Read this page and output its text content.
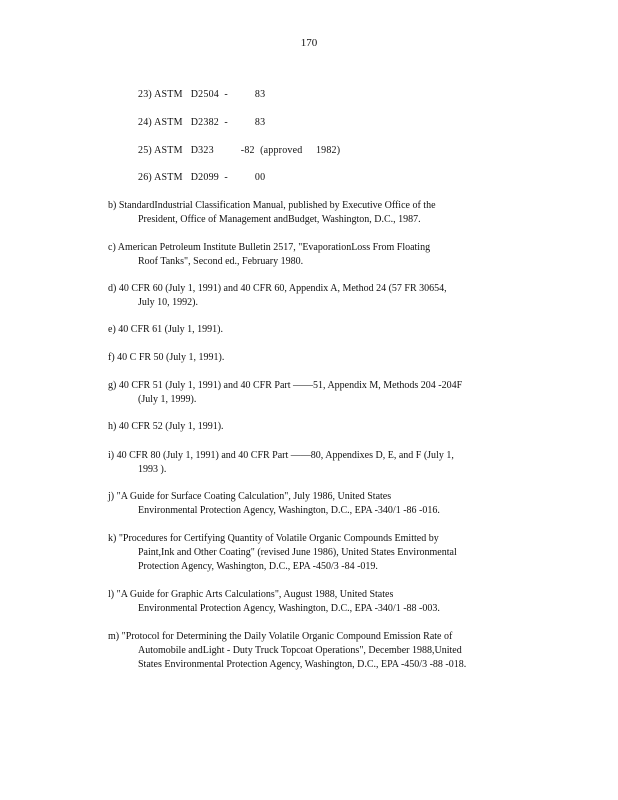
170
23) ASTM   D2504  -          83
24) ASTM   D2382  -          83
25) ASTM   D323          -82  (approved     1982)
26) ASTM   D2099  -          00
b) StandardIndustrial Classification Manual, published by Executive Office of the
President, Office of Management andBudget, Washington, D.C., 1987.
c) American Petroleum Institute Bulletin 2517, "EvaporationLoss From Floating
Roof Tanks", Second ed., February 1980.
d) 40 CFR 60 (July 1, 1991) and 40 CFR 60, Appendix A, Method 24 (57 FR 30654,
July 10, 1992).
e) 40 CFR 61 (July 1, 1991).
f) 40 C FR 50 (July 1, 1991).
g) 40 CFR 51 (July 1, 1991) and 40 CFR Part ——51, Appendix M, Methods 204 -204F
(July 1, 1999).
h) 40 CFR 52 (July 1, 1991).
i) 40 CFR 80 (July 1, 1991) and 40 CFR Part ——80, Appendixes D, E, and F (July 1,
1993 ).
j) "A Guide for Surface Coating Calculation", July 1986, United States
Environmental Protection Agency, Washington, D.C., EPA -340/1 -86 -016.
k) "Procedures for Certifying Quantity of Volatile Organic Compounds Emitted by
Paint,Ink and Other Coating" (revised June 1986), United States Environmental
Protection Agency, Washington, D.C., EPA -450/3 -84 -019.
l) "A Guide for Graphic Arts Calculations", August 1988, United States
Environmental Protection Agency, Washington, D.C., EPA -340/1 -88 -003.
m) "Protocol for Determining the Daily Volatile Organic Compound Emission Rate of
Automobile andLight - Duty Truck Topcoat Operations", December 1988,United
States Environmental Protection Agency, Washington, D.C., EPA -450/3 -88 -018.
